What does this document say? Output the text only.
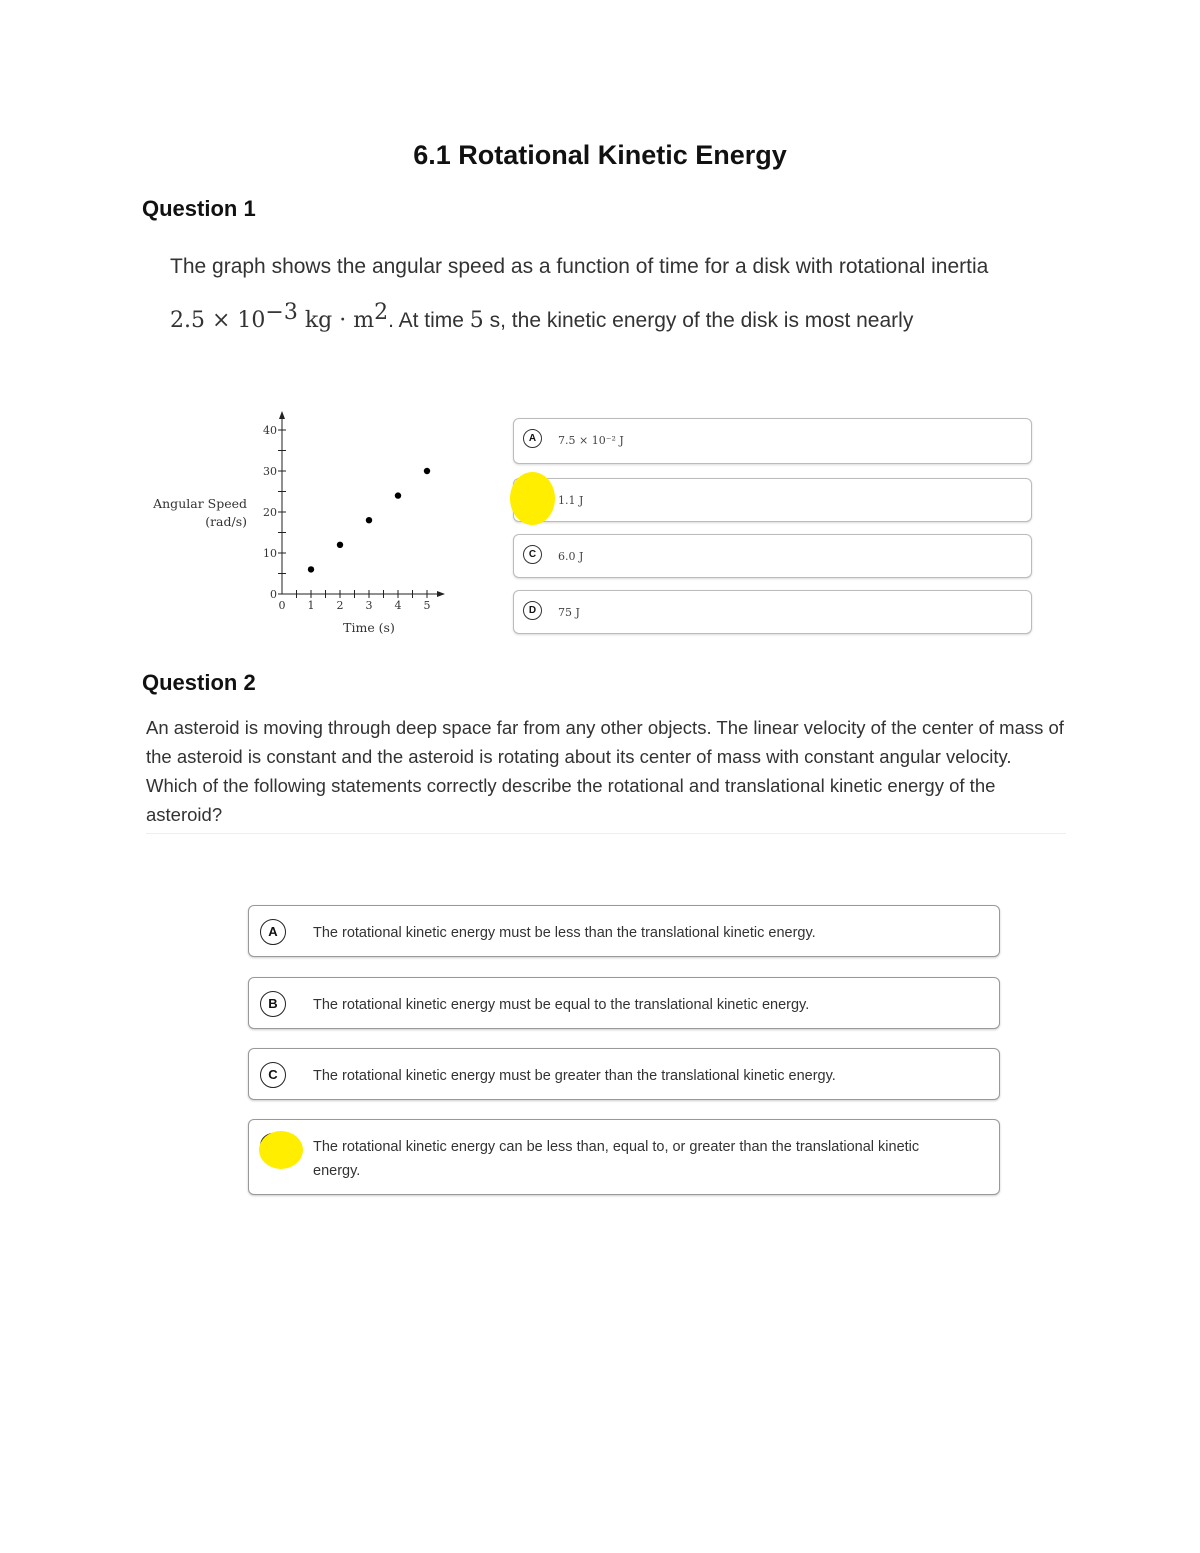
6.1 Rotational Kinetic Energy
Question 1
The graph shows the angular speed as a function of time for a disk with rotational inertia
$2.5 \times 10^{-3}$ kg · $m^2$. At time 5 s, the kinetic energy of the disk is most nearly
0
10
20
30
40
0 1 2 3 4 5
Time (s)
Angular Speed
(rad/s)
A	7.5 × 10⁻² J
1.1 J
C	6.0 J
D	75 J
Question 2
An asteroid is moving through deep space far from any other objects. The linear velocity of the center of mass of the asteroid is constant and the asteroid is rotating about its center of mass with constant angular velocity. Which of the following statements correctly describe the rotational and translational kinetic energy of the asteroid?
A	The rotational kinetic energy must be less than the translational kinetic energy.
B	The rotational kinetic energy must be equal to the translational kinetic energy.
C	The rotational kinetic energy must be greater than the translational kinetic energy.
The rotational kinetic energy can be less than, equal to, or greater than the translational kinetic energy.
